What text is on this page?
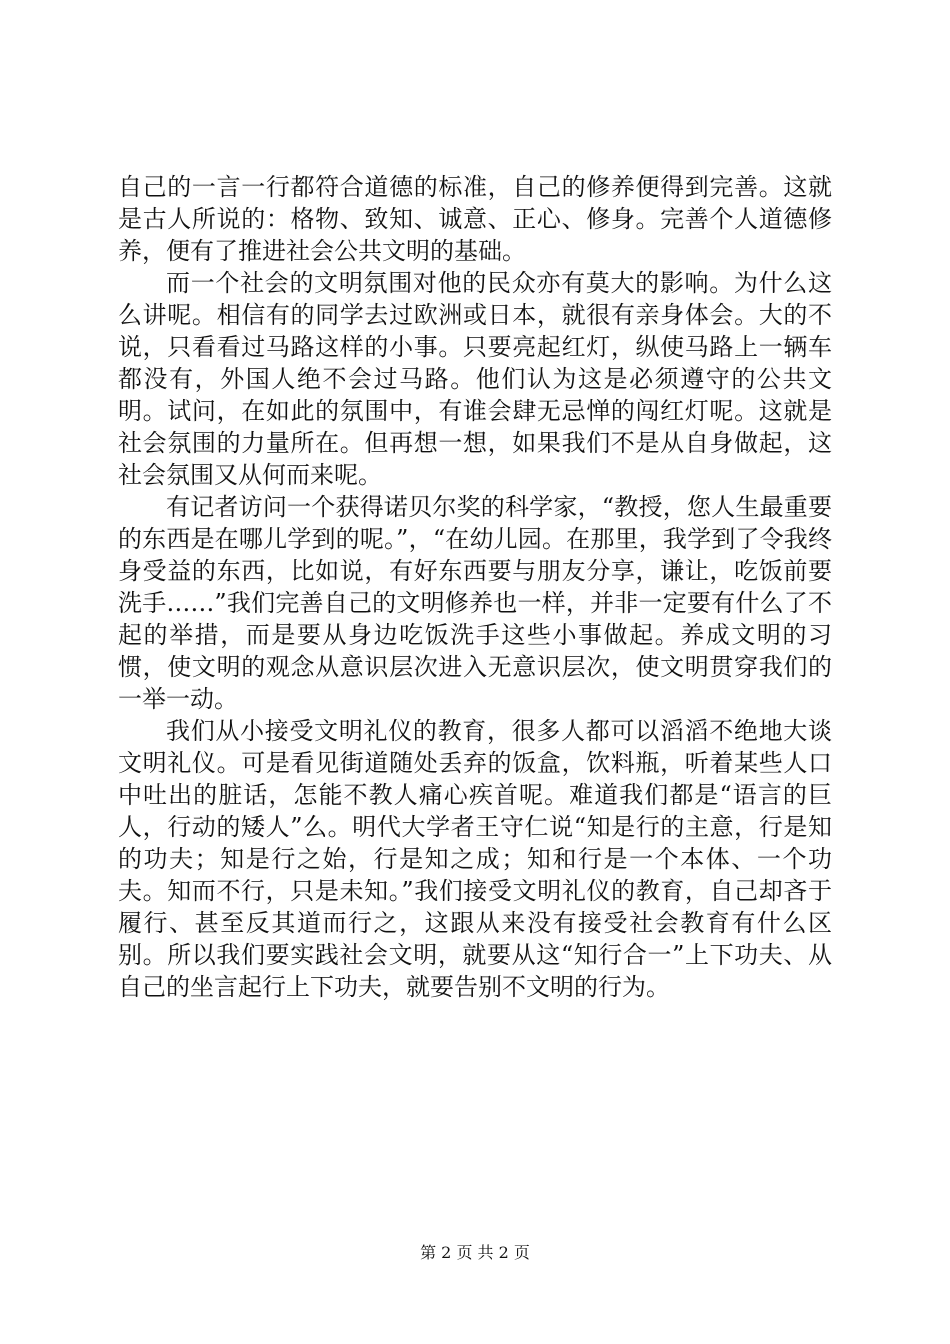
自己的一言一行都符合道德的标准，自己的修养便得到完善。这就是古人所说的：格物、致知、诚意、正心、修身。完善个人道德修养，便有了推进社会公共文明的基础。

而一个社会的文明氛围对他的民众亦有莫大的影响。为什么这么讲呢。相信有的同学去过欧洲或日本，就很有亲身体会。大的不说，只看看过马路这样的小事。只要亮起红灯，纵使马路上一辆车都没有，外国人绝不会过马路。他们认为这是必须遵守的公共文明。试问，在如此的氛围中，有谁会肆无忌惮的闯红灯呢。这就是社会氛围的力量所在。但再想一想，如果我们不是从自身做起，这社会氛围又从何而来呢。

有记者访问一个获得诺贝尔奖的科学家，“教授，您人生最重要的东西是在哪儿学到的呢。”，“在幼儿园。在那里，我学到了令我终身受益的东西，比如说，有好东西要与朋友分享，谦让，吃饭前要洗手……”我们完善自己的文明修养也一样，并非一定要有什么了不起的举措，而是要从身边吃饭洗手这些小事做起。养成文明的习惯，使文明的观念从意识层次进入无意识层次，使文明贯穿我们的一举一动。

我们从小接受文明礼仪的教育，很多人都可以滔滔不绝地大谈文明礼仪。可是看见街道随处丢弃的饭盒，饮料瓶，听着某些人口中吐出的脏话，怎能不教人痛心疾首呢。难道我们都是“语言的巨人，行动的矮人”么。明代大学者王守仁说“知是行的主意，行是知的功夫；知是行之始，行是知之成；知和行是一个本体、一个功夫。知而不行，只是未知。”我们接受文明礼仪的教育，自己却吝于履行、甚至反其道而行之，这跟从来没有接受社会教育有什么区别。所以我们要实践社会文明，就要从这“知行合一”上下功夫、从自己的坐言起行上下功夫，就要告别不文明的行为。

第 2 页 共 2 页
